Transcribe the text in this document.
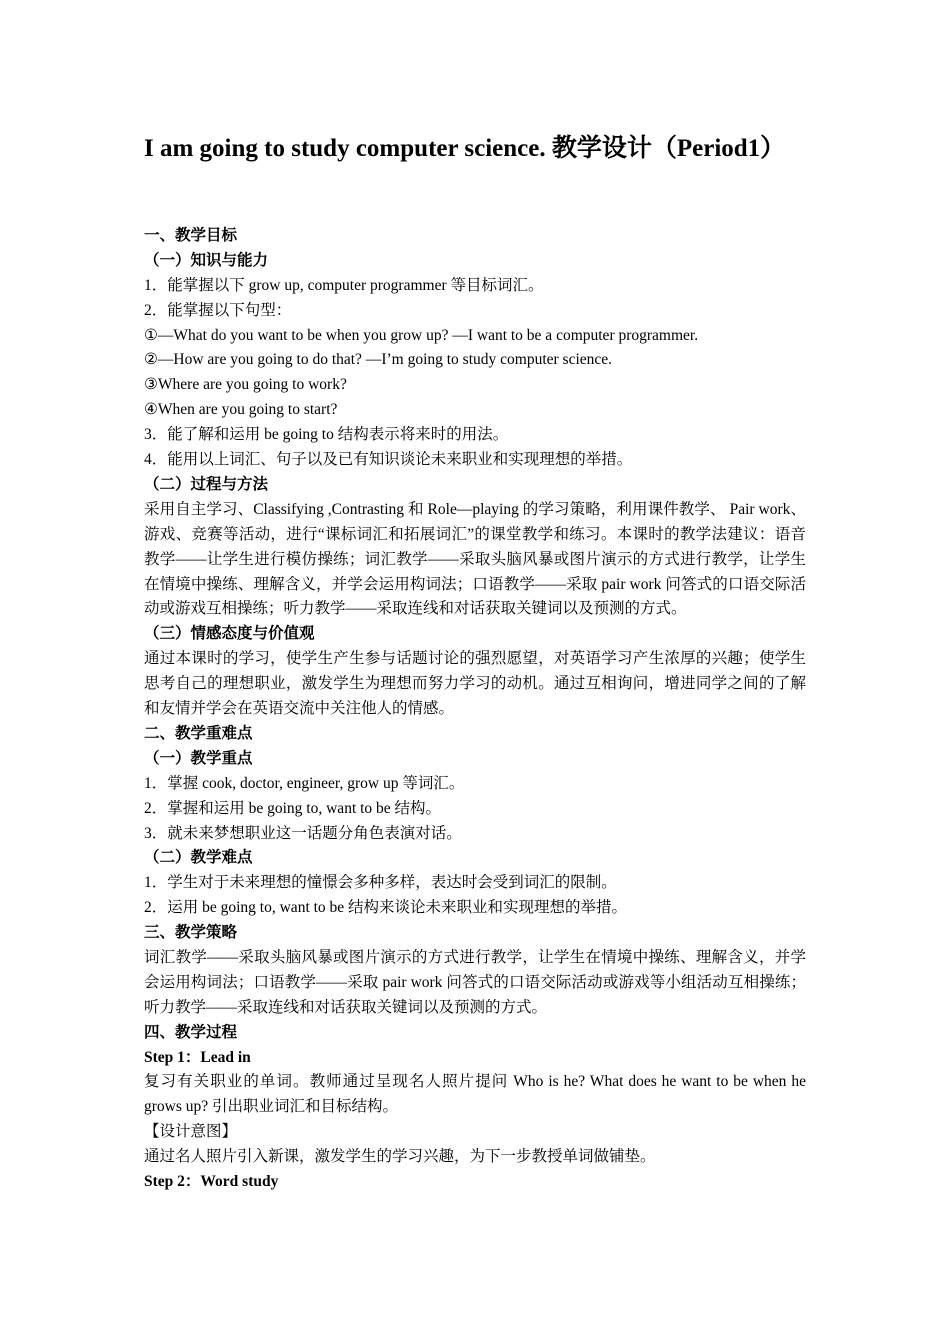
I am going to study computer science. 教学设计（Period1）
一、教学目标
（一）知识与能力
1．能掌握以下 grow up, computer programmer 等目标词汇。
2．能掌握以下句型：
①—What do you want to be when you grow up? —I want to be a computer programmer.
②—How are you going to do that? —I’m going to study computer science.
③Where are you going to work?
④When are you going to start?
3．能了解和运用 be going to 结构表示将来时的用法。
4．能用以上词汇、句子以及已有知识谈论未来职业和实现理想的举措。
（二）过程与方法
采用自主学习、Classifying ,Contrasting 和 Role—playing 的学习策略，利用课件教学、 Pair work、游戏、竞赛等活动，进行“课标词汇和拓展词汇”的课堂教学和练习。本课时的教学法建议：语音教学——让学生进行模仿操练；词汇教学——采取头脑风暴或图片演示的方式进行教学，让学生在情境中操练、理解含义，并学会运用构词法；口语教学——采取 pair work 问答式的口语交际活动或游戏互相操练；听力教学——采取连线和对话获取关键词以及预测的方式。
（三）情感态度与价值观
通过本课时的学习，使学生产生参与话题讨论的强烈愿望，对英语学习产生浓厚的兴趣；使学生思考自己的理想职业，激发学生为理想而努力学习的动机。通过互相询问，增进同学之间的了解和友情并学会在英语交流中关注他人的情感。
二、教学重难点
（一）教学重点
1．掌握 cook, doctor, engineer, grow up 等词汇。
2．掌握和运用 be going to, want to be 结构。
3．就未来梦想职业这一话题分角色表演对话。
（二）教学难点
1．学生对于未来理想的憧憬会多种多样，表达时会受到词汇的限制。
2．运用 be going to, want to be 结构来谈论未来职业和实现理想的举措。
三、教学策略
词汇教学——采取头脑风暴或图片演示的方式进行教学，让学生在情境中操练、理解含义，并学会运用构词法；口语教学——采取 pair work 问答式的口语交际活动或游戏等小组活动互相操练；听力教学——采取连线和对话获取关键词以及预测的方式。
四、教学过程
Step 1：Lead in
复习有关职业的单词。教师通过呈现名人照片提问 Who is he? What does he want to be when he grows up? 引出职业词汇和目标结构。
【设计意图】
通过名人照片引入新课，激发学生的学习兴趣，为下一步教授单词做铺垫。
Step 2：Word study
